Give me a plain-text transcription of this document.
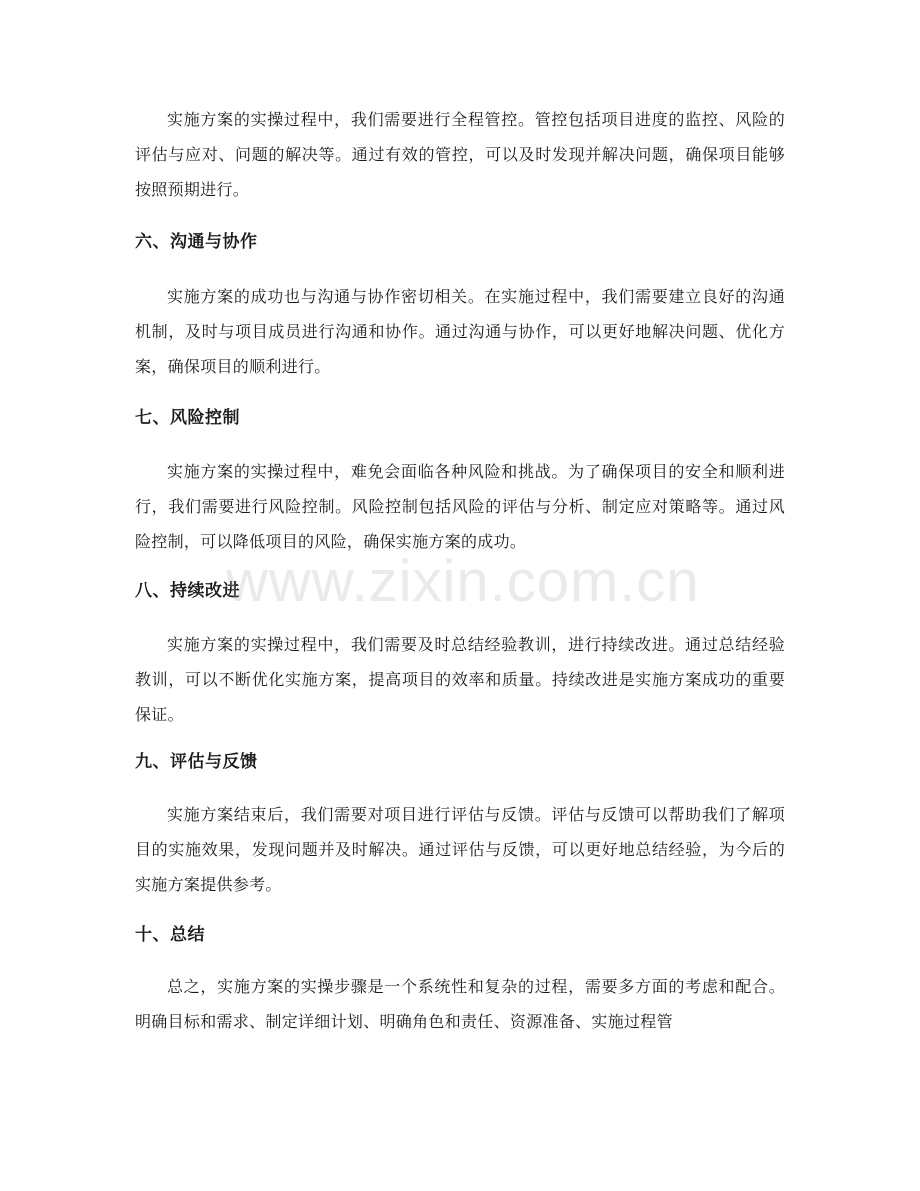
实施方案的实操过程中，我们需要进行全程管控。管控包括项目进度的监控、风险的评估与应对、问题的解决等。通过有效的管控，可以及时发现并解决问题，确保项目能够按照预期进行。

六、沟通与协作

实施方案的成功也与沟通与协作密切相关。在实施过程中，我们需要建立良好的沟通机制，及时与项目成员进行沟通和协作。通过沟通与协作，可以更好地解决问题、优化方案，确保项目的顺利进行。

七、风险控制

实施方案的实操过程中，难免会面临各种风险和挑战。为了确保项目的安全和顺利进行，我们需要进行风险控制。风险控制包括风险的评估与分析、制定应对策略等。通过风险控制，可以降低项目的风险，确保实施方案的成功。

八、持续改进

实施方案的实操过程中，我们需要及时总结经验教训，进行持续改进。通过总结经验教训，可以不断优化实施方案，提高项目的效率和质量。持续改进是实施方案成功的重要保证。

九、评估与反馈

实施方案结束后，我们需要对项目进行评估与反馈。评估与反馈可以帮助我们了解项目的实施效果，发现问题并及时解决。通过评估与反馈，可以更好地总结经验，为今后的实施方案提供参考。

十、总结

总之，实施方案的实操步骤是一个系统性和复杂的过程，需要多方面的考虑和配合。明确目标和需求、制定详细计划、明确角色和责任、资源准备、实施过程管

www.zixin.com.cn
